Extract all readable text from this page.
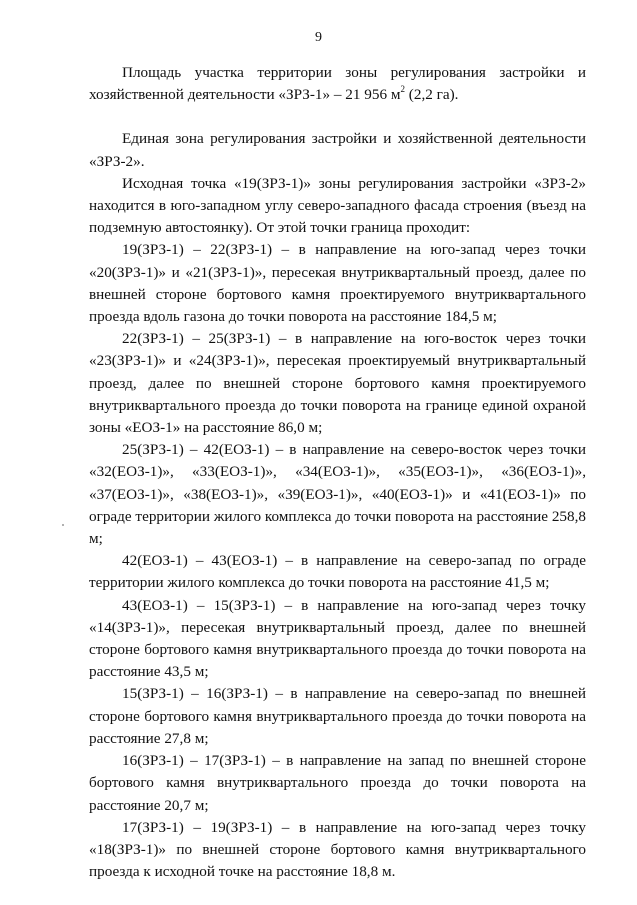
9

Площадь участка территории зоны регулирования застройки и хозяйственной деятельности «ЗРЗ-1» – 21 956 $м^2$ (2,2 га).

Единая зона регулирования застройки и хозяйственной деятельности «ЗРЗ-2».

Исходная точка «19(ЗРЗ-1)» зоны регулирования застройки «ЗРЗ-2» находится в юго-западном углу северо-западного фасада строения (въезд на подземную автостоянку). От этой точки граница проходит:

19(ЗРЗ-1) – 22(ЗРЗ-1) – в направление на юго-запад через точки «20(ЗРЗ-1)» и «21(ЗРЗ-1)», пересекая внутриквартальный проезд, далее по внешней стороне бортового камня проектируемого внутриквартального проезда вдоль газона до точки поворота на расстояние 184,5 м;

22(ЗРЗ-1) – 25(ЗРЗ-1) – в направление на юго-восток через точки «23(ЗРЗ-1)» и «24(ЗРЗ-1)», пересекая проектируемый внутриквартальный проезд, далее по внешней стороне бортового камня проектируемого внутриквартального проезда до точки поворота на границе единой охраной зоны «ЕОЗ-1» на расстояние 86,0 м;

25(ЗРЗ-1) – 42(ЕОЗ-1) – в направление на северо-восток через точки «32(ЕОЗ-1)», «33(ЕОЗ-1)», «34(ЕОЗ-1)», «35(ЕОЗ-1)», «36(ЕОЗ-1)», «37(ЕОЗ-1)», «38(ЕОЗ-1)», «39(ЕОЗ-1)», «40(ЕОЗ-1)» и «41(ЕОЗ-1)» по ограде территории жилого комплекса до точки поворота на расстояние 258,8 м;

42(ЕОЗ-1) – 43(ЕОЗ-1) – в направление на северо-запад по ограде территории жилого комплекса до точки поворота на расстояние 41,5 м;

43(ЕОЗ-1) – 15(ЗРЗ-1) – в направление на юго-запад через точку «14(ЗРЗ-1)», пересекая внутриквартальный проезд, далее по внешней стороне бортового камня внутриквартального проезда до точки поворота на расстояние 43,5 м;

15(ЗРЗ-1) – 16(ЗРЗ-1) – в направление на северо-запад по внешней стороне бортового камня внутриквартального проезда до точки поворота на расстояние 27,8 м;

16(ЗРЗ-1) – 17(ЗРЗ-1) – в направление на запад по внешней стороне бортового камня внутриквартального проезда до точки поворота на расстояние 20,7 м;

17(ЗРЗ-1) – 19(ЗРЗ-1) – в направление на юго-запад через точку «18(ЗРЗ-1)» по внешней стороне бортового камня внутриквартального проезда к исходной точке на расстояние 18,8 м.
